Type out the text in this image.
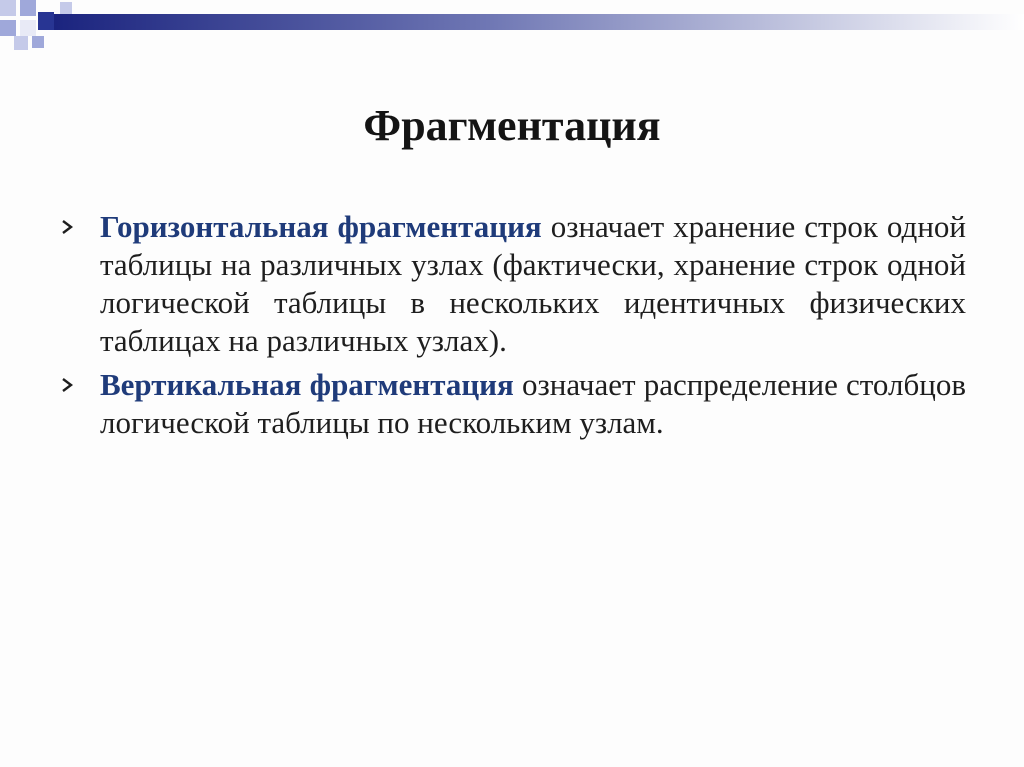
Фрагментация
Горизонтальная фрагментация означает хранение строк одной таблицы на различных узлах (фактически, хранение строк одной логической таблицы в нескольких идентичных физических таблицах на различных узлах).
Вертикальная фрагментация означает распределение столбцов логической таблицы по нескольким узлам.
